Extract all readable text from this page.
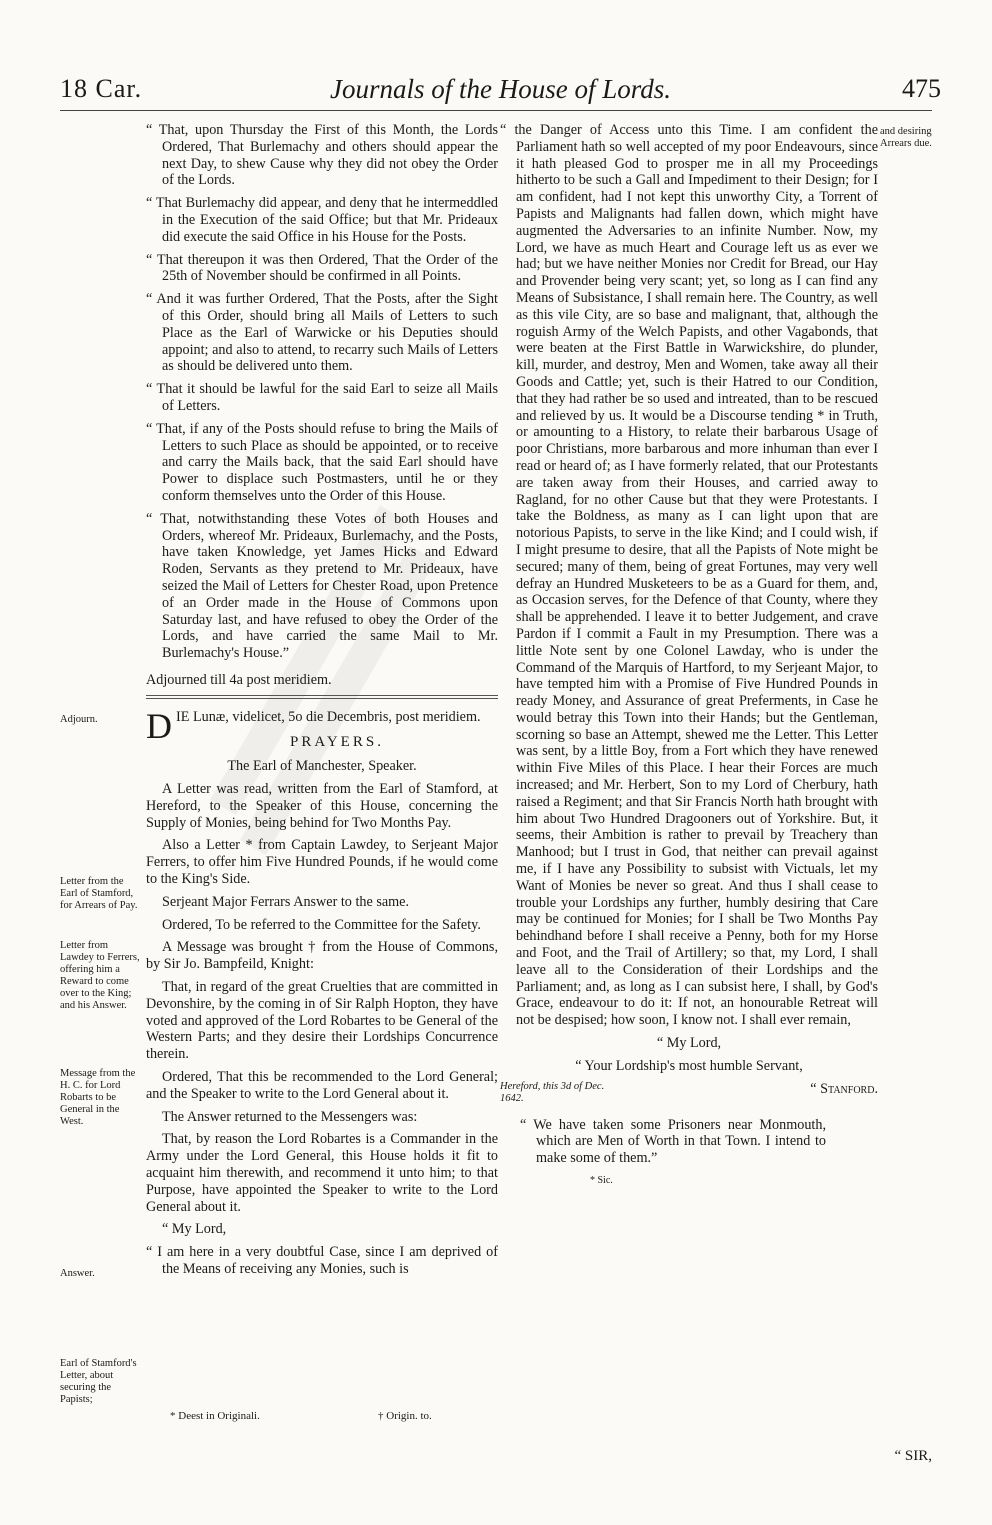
18 Car.	Journals of the House of Lords.	475
Adjourn.
Letter from the Earl of Stamford, for Arrears of Pay.
Letter from Lawdey to Ferrers, offering him a Reward to come over to the King; and his Answer.
Message from the H. C. for Lord Robarts to be General in the West.
Answer.
Earl of Stamford's Letter, about securing the Papists;
and desiring Arrears due.

“ That, upon Thursday the First of this Month, the Lords Ordered, That Burlemachy and others should appear the next Day, to shew Cause why they did not obey the Order of the Lords.

“ That Burlemachy did appear, and deny that he intermeddled in the Execution of the said Office; but that Mr. Prideaux did execute the said Office in his House for the Posts.

“ That thereupon it was then Ordered, That the Order of the 25th of November should be confirmed in all Points.

“ And it was further Ordered, That the Posts, after the Sight of this Order, should bring all Mails of Letters to such Place as the Earl of Warwicke or his Deputies should appoint; and also to attend, to recarry such Mails of Letters as should be delivered unto them.

“ That it should be lawful for the said Earl to seize all Mails of Letters.

“ That, if any of the Posts should refuse to bring the Mails of Letters to such Place as should be appointed, or to receive and carry the Mails back, that the said Earl should have Power to displace such Postmasters, until he or they conform themselves unto the Order of this House.

“ That, notwithstanding these Votes of both Houses and Orders, whereof Mr. Prideaux, Burlemachy, and the Posts, have taken Knowledge, yet James Hicks and Edward Roden, Servants as they pretend to Mr. Prideaux, have seized the Mail of Letters for Chester Road, upon Pretence of an Order made in the House of Commons upon Saturday last, and have refused to obey the Order of the Lords, and have carried the same Mail to Mr. Burlemachy's House.”

Adjourned till 4a post meridiem.

DIE Lunæ, videlicet, 5o die Decembris, post meridiem.

PRAYERS.

The Earl of Manchester, Speaker.

A Letter was read, written from the Earl of Stamford, at Hereford, to the Speaker of this House, concerning the Supply of Monies, being behind for Two Months Pay.

Also a Letter * from Captain Lawdey, to Serjeant Major Ferrers, to offer him Five Hundred Pounds, if he would come to the King's Side.

Serjeant Major Ferrars Answer to the same.

Ordered, To be referred to the Committee for the Safety.

A Message was brought † from the House of Commons, by Sir Jo. Bampfeild, Knight:

That, in regard of the great Cruelties that are committed in Devonshire, by the coming in of Sir Ralph Hopton, they have voted and approved of the Lord Robartes to be General of the Western Parts; and they desire their Lordships Concurrence therein.

Ordered, That this be recommended to the Lord General; and the Speaker to write to the Lord General about it.

The Answer returned to the Messengers was:

That, by reason the Lord Robartes is a Commander in the Army under the Lord General, this House holds it fit to acquaint him therewith, and recommend it unto him; to that Purpose, have appointed the Speaker to write to the Lord General about it.

“ My Lord,

“ I am here in a very doubtful Case, since I am deprived of the Means of receiving any Monies, such is

“ the Danger of Access unto this Time. I am confident the Parliament hath so well accepted of my poor Endeavours, since it hath pleased God to prosper me in all my Proceedings hitherto to be such a Gall and Impediment to their Design; for I am confident, had I not kept this unworthy City, a Torrent of Papists and Malignants had fallen down, which might have augmented the Adversaries to an infinite Number. Now, my Lord, we have as much Heart and Courage left us as ever we had; but we have neither Monies nor Credit for Bread, our Hay and Provender being very scant; yet, so long as I can find any Means of Subsistance, I shall remain here. The Country, as well as this vile City, are so base and malignant, that, although the roguish Army of the Welch Papists, and other Vagabonds, that were beaten at the First Battle in Warwickshire, do plunder, kill, murder, and destroy, Men and Women, take away all their Goods and Cattle; yet, such is their Hatred to our Condition, that they had rather be so used and intreated, than to be rescued and relieved by us. It would be a Discourse tending * in Truth, or amounting to a History, to relate their barbarous Usage of poor Christians, more barbarous and more inhuman than ever I read or heard of; as I have formerly related, that our Protestants are taken away from their Houses, and carried away to Ragland, for no other Cause but that they were Protestants. I take the Boldness, as many as I can light upon that are notorious Papists, to serve in the like Kind; and I could wish, if I might presume to desire, that all the Papists of Note might be secured; many of them, being of great Fortunes, may very well defray an Hundred Musketeers to be as a Guard for them, and, as Occasion serves, for the Defence of that County, where they shall be apprehended. I leave it to better Judgement, and crave Pardon if I commit a Fault in my Presumption. There was a little Note sent by one Colonel Lawday, who is under the Command of the Marquis of Hartford, to my Serjeant Major, to have tempted him with a Promise of Five Hundred Pounds in ready Money, and Assurance of great Preferments, in Case he would betray this Town into their Hands; but the Gentleman, scorning so base an Attempt, shewed me the Letter. This Letter was sent, by a little Boy, from a Fort which they have renewed within Five Miles of this Place. I hear their Forces are much increased; and Mr. Herbert, Son to my Lord of Cherbury, hath raised a Regiment; and that Sir Francis North hath brought with him about Two Hundred Dragooners out of Yorkshire. But, it seems, their Ambition is rather to prevail by Treachery than Manhood; but I trust in God, that neither can prevail against me, if I have any Possibility to subsist with Victuals, let my Want of Monies be never so great. And thus I shall cease to trouble your Lordships any further, humbly desiring that Care may be continued for Monies; for I shall be Two Months Pay behindhand before I shall receive a Penny, both for my Horse and Foot, and the Trail of Artillery; so that, my Lord, I shall leave all to the Consideration of their Lordships and the Parliament; and, as long as I can subsist here, I shall, by God's Grace, endeavour to do it: If not, an honourable Retreat will not be despised; how soon, I know not. I shall ever remain,

“ My Lord,

“ Your Lordship's most humble Servant,

Hereford, this 3d of Dec. 1642.
“ Stanford.

“ We have taken some Prisoners near Monmouth, which are Men of Worth in that Town. I intend to make some of them.”

* Sic.

* Deest in Originali.	† Origin. to.
“ SIR,
